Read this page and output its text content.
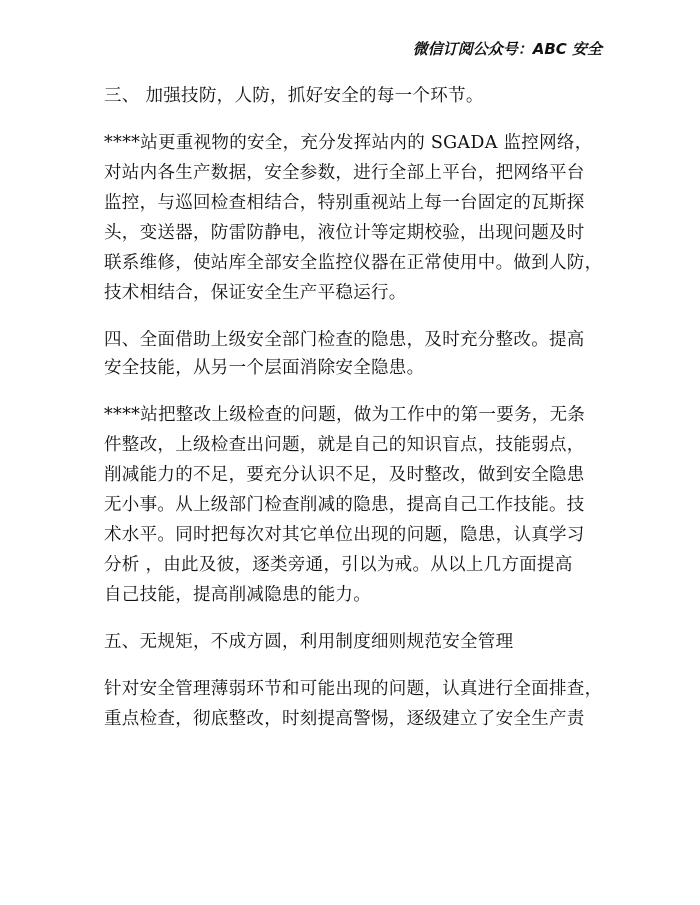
微信订阅公众号：ABC 安全
三、 加强技防，人防，抓好安全的每一个环节。
****站更重视物的安全，充分发挥站内的 SGADA 监控网络，
对站内各生产数据，安全参数，进行全部上平台，把网络平台
监控，与巡回检查相结合，特别重视站上每一台固定的瓦斯探
头，变送器，防雷防静电，液位计等定期校验，出现问题及时
联系维修，使站库全部安全监控仪器在正常使用中。做到人防，
技术相结合，保证安全生产平稳运行。
四、全面借助上级安全部门检查的隐患，及时充分整改。提高
安全技能，从另一个层面消除安全隐患。
****站把整改上级检查的问题，做为工作中的第一要务，无条
件整改，上级检查出问题，就是自己的知识盲点，技能弱点，
削减能力的不足，要充分认识不足，及时整改，做到安全隐患
无小事。从上级部门检查削减的隐患，提高自己工作技能。技
术水平。同时把每次对其它单位出现的问题，隐患，认真学习
分析 ，由此及彼，逐类旁通，引以为戒。从以上几方面提高
自己技能，提高削减隐患的能力。
五、无规矩，不成方圆，利用制度细则规范安全管理
针对安全管理薄弱环节和可能出现的问题，认真进行全面排查，
重点检查，彻底整改，时刻提高警惕，逐级建立了安全生产责
